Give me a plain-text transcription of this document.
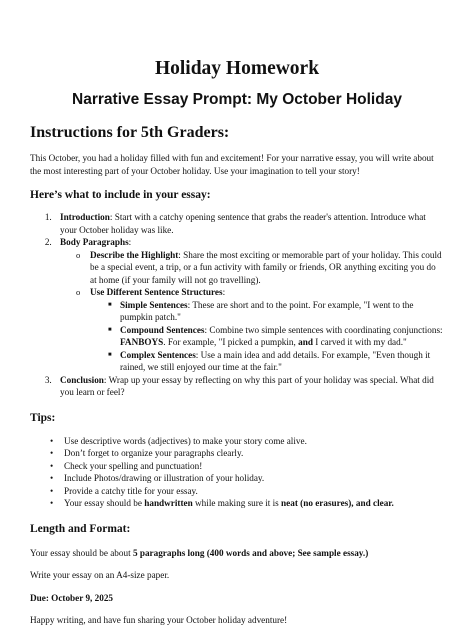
Holiday Homework
Narrative Essay Prompt: My October Holiday
Instructions for 5th Graders:

This October, you had a holiday filled with fun and excitement! For your narrative essay, you will write about the most interesting part of your October holiday. Use your imagination to tell your story!

Here’s what to include in your essay:
1. Introduction: Start with a catchy opening sentence that grabs the reader's attention. Introduce what your October holiday was like.
2. Body Paragraphs:
o Describe the Highlight: Share the most exciting or memorable part of your holiday. This could be a special event, a trip, or a fun activity with family or friends, OR anything exciting you do at home (if your family will not go travelling).
o Use Different Sentence Structures:
■ Simple Sentences: These are short and to the point. For example, "I went to the pumpkin patch."
■ Compound Sentences: Combine two simple sentences with coordinating conjunctions: FANBOYS. For example, "I picked a pumpkin, and I carved it with my dad."
■ Complex Sentences: Use a main idea and add details. For example, "Even though it rained, we still enjoyed our time at the fair."
3. Conclusion: Wrap up your essay by reflecting on why this part of your holiday was special. What did you learn or feel?
Tips:
• Use descriptive words (adjectives) to make your story come alive.
• Don’t forget to organize your paragraphs clearly.
• Check your spelling and punctuation!
• Include Photos/drawing or illustration of your holiday.
• Provide a catchy title for your essay.
• Your essay should be handwritten while making sure it is neat (no erasures), and clear.
Length and Format:

Your essay should be about 5 paragraphs long (400 words and above; See sample essay.)

Write your essay on an A4-size paper.

Due: October 9, 2025

Happy writing, and have fun sharing your October holiday adventure!
